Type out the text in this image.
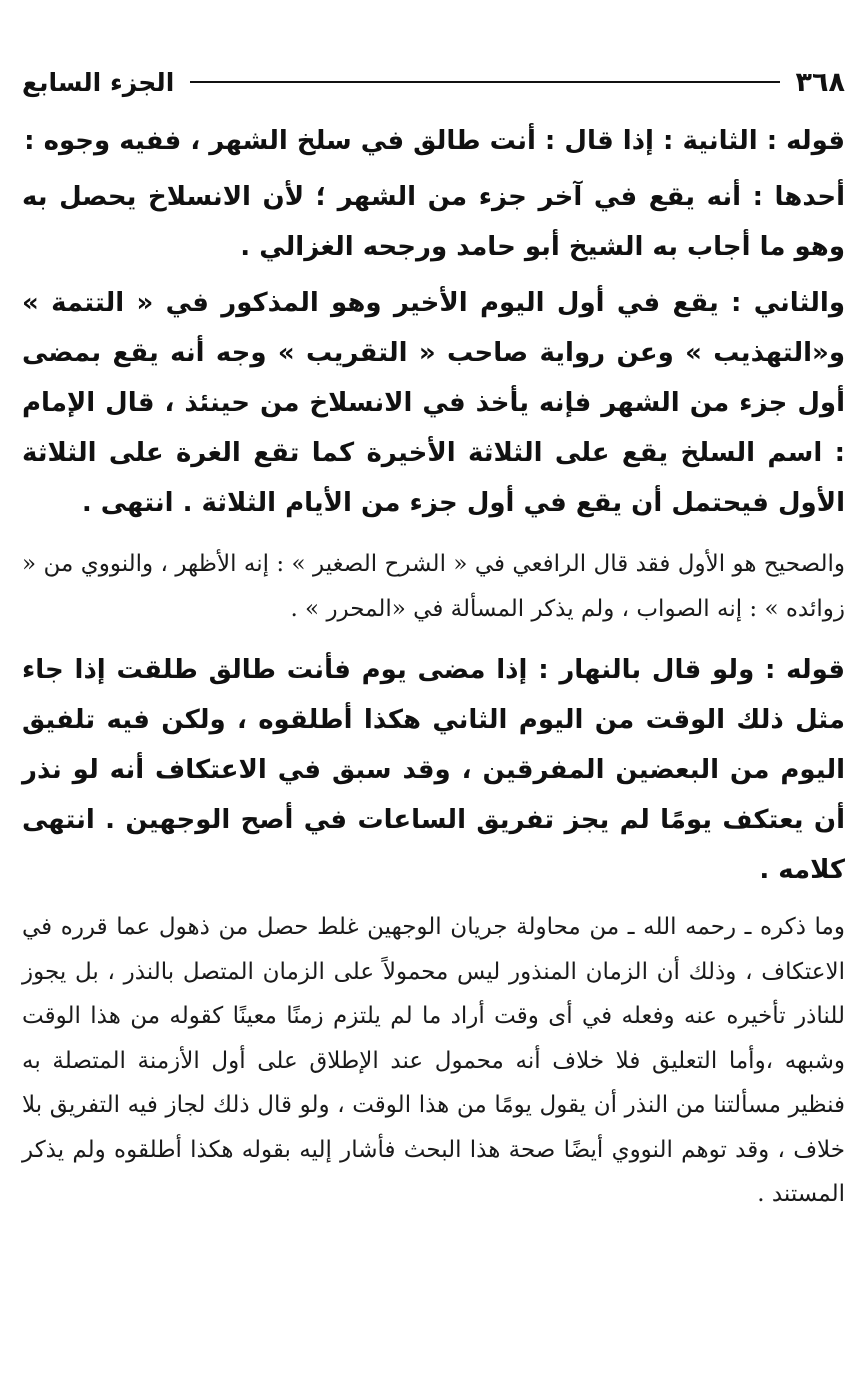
٣٦٨
الجزء السابع

قوله : الثانية : إذا قال : أنت طالق في سلخ الشهر ، ففيه وجوه :

أحدها : أنه يقع في آخر جزء من الشهر ؛ لأن الانسلاخ يحصل به وهو ما أجاب به الشيخ أبو حامد ورجحه الغزالي .

والثاني : يقع في أول اليوم الأخير وهو المذكور في « التتمة » و«التهذيب » وعن رواية صاحب « التقريب » وجه أنه يقع بمضى أول جزء من الشهر فإنه يأخذ في الانسلاخ من حينئذ ، قال الإمام : اسم السلخ يقع على الثلاثة الأخيرة كما تقع الغرة على الثلاثة الأول فيحتمل أن يقع في أول جزء من الأيام الثلاثة . انتهى .

والصحيح هو الأول فقد قال الرافعي في « الشرح الصغير » : إنه الأظهر ، والنووي من « زوائده » : إنه الصواب ، ولم يذكر المسألة في «المحرر » .

قوله : ولو قال بالنهار : إذا مضى يوم فأنت طالق طلقت إذا جاء مثل ذلك الوقت من اليوم الثاني هكذا أطلقوه ، ولكن فيه تلفيق اليوم من البعضين المفرقين ، وقد سبق في الاعتكاف أنه لو نذر أن يعتكف يومًا لم يجز تفريق الساعات في أصح الوجهين . انتهى كلامه .

وما ذكره ـ رحمه الله ـ من محاولة جريان الوجهين غلط حصل من ذهول عما قرره في الاعتكاف ، وذلك أن الزمان المنذور ليس محمولاً على الزمان المتصل بالنذر ، بل يجوز للناذر تأخيره عنه وفعله في أى وقت أراد ما لم يلتزم زمنًا معينًا كقوله من هذا الوقت وشبهه ،وأما التعليق فلا خلاف أنه محمول عند الإطلاق على أول الأزمنة المتصلة به فنظير مسألتنا من النذر أن يقول يومًا من هذا الوقت ، ولو قال ذلك لجاز فيه التفريق بلا خلاف ، وقد توهم النووي أيضًا صحة هذا البحث فأشار إليه بقوله هكذا أطلقوه ولم يذكر المستند .
